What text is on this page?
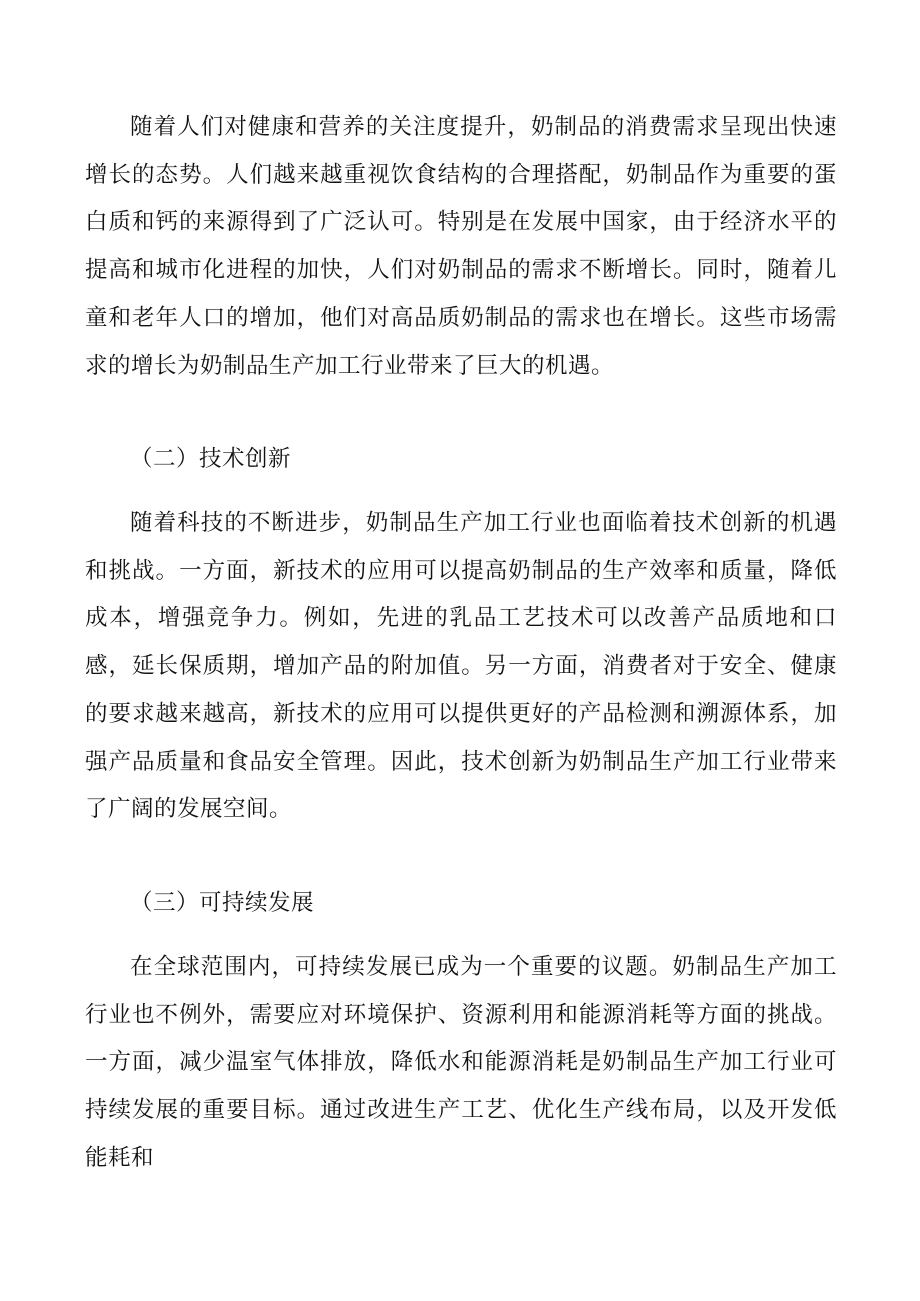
随着人们对健康和营养的关注度提升，奶制品的消费需求呈现出快速增长的态势。人们越来越重视饮食结构的合理搭配，奶制品作为重要的蛋白质和钙的来源得到了广泛认可。特别是在发展中国家，由于经济水平的提高和城市化进程的加快，人们对奶制品的需求不断增长。同时，随着儿童和老年人口的增加，他们对高品质奶制品的需求也在增长。这些市场需求的增长为奶制品生产加工行业带来了巨大的机遇。

（二）技术创新

随着科技的不断进步，奶制品生产加工行业也面临着技术创新的机遇和挑战。一方面，新技术的应用可以提高奶制品的生产效率和质量，降低成本，增强竞争力。例如，先进的乳品工艺技术可以改善产品质地和口感，延长保质期，增加产品的附加值。另一方面，消费者对于安全、健康的要求越来越高，新技术的应用可以提供更好的产品检测和溯源体系，加强产品质量和食品安全管理。因此，技术创新为奶制品生产加工行业带来了广阔的发展空间。

（三）可持续发展

在全球范围内，可持续发展已成为一个重要的议题。奶制品生产加工行业也不例外，需要应对环境保护、资源利用和能源消耗等方面的挑战。一方面，减少温室气体排放，降低水和能源消耗是奶制品生产加工行业可持续发展的重要目标。通过改进生产工艺、优化生产线布局，以及开发低能耗和
